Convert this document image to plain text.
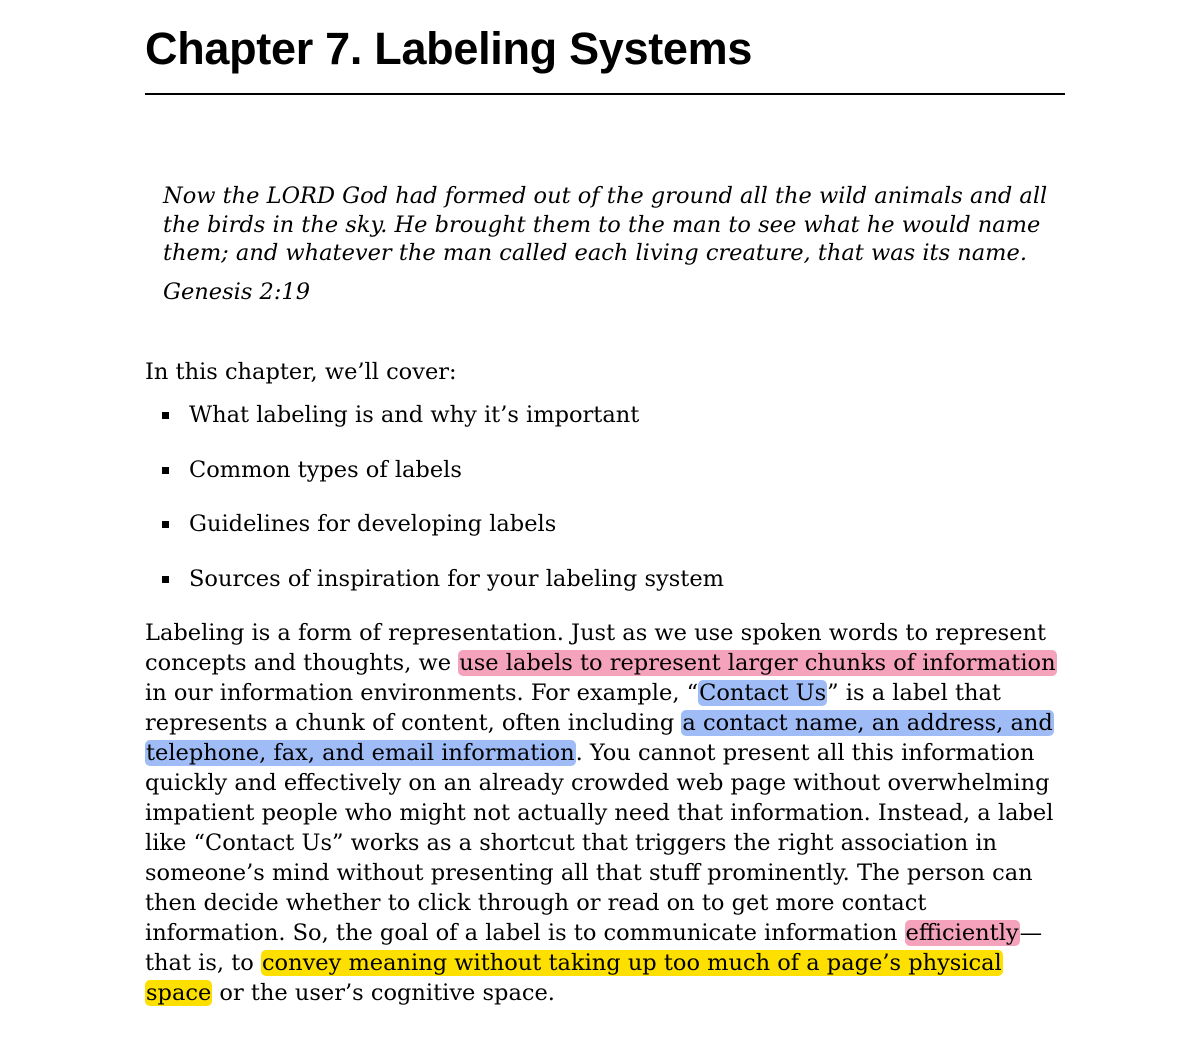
Chapter 7. Labeling Systems

Now the LORD God had formed out of the ground all the wild animals and all the birds in the sky. He brought them to the man to see what he would name them; and whatever the man called each living creature, that was its name.

Genesis 2:19

In this chapter, we’ll cover:

What labeling is and why it’s important
Common types of labels
Guidelines for developing labels
Sources of inspiration for your labeling system

Labeling is a form of representation. Just as we use spoken words to represent concepts and thoughts, we use labels to represent larger chunks of information in our information environments. For example, “Contact Us” is a label that represents a chunk of content, often including a contact name, an address, and telephone, fax, and email information. You cannot present all this information quickly and effectively on an already crowded web page without overwhelming impatient people who might not actually need that information. Instead, a label like “Contact Us” works as a shortcut that triggers the right association in someone’s mind without presenting all that stuff prominently. The person can then decide whether to click through or read on to get more contact information. So, the goal of a label is to communicate information efficiently—that is, to convey meaning without taking up too much of a page’s physical space or the user’s cognitive space.
